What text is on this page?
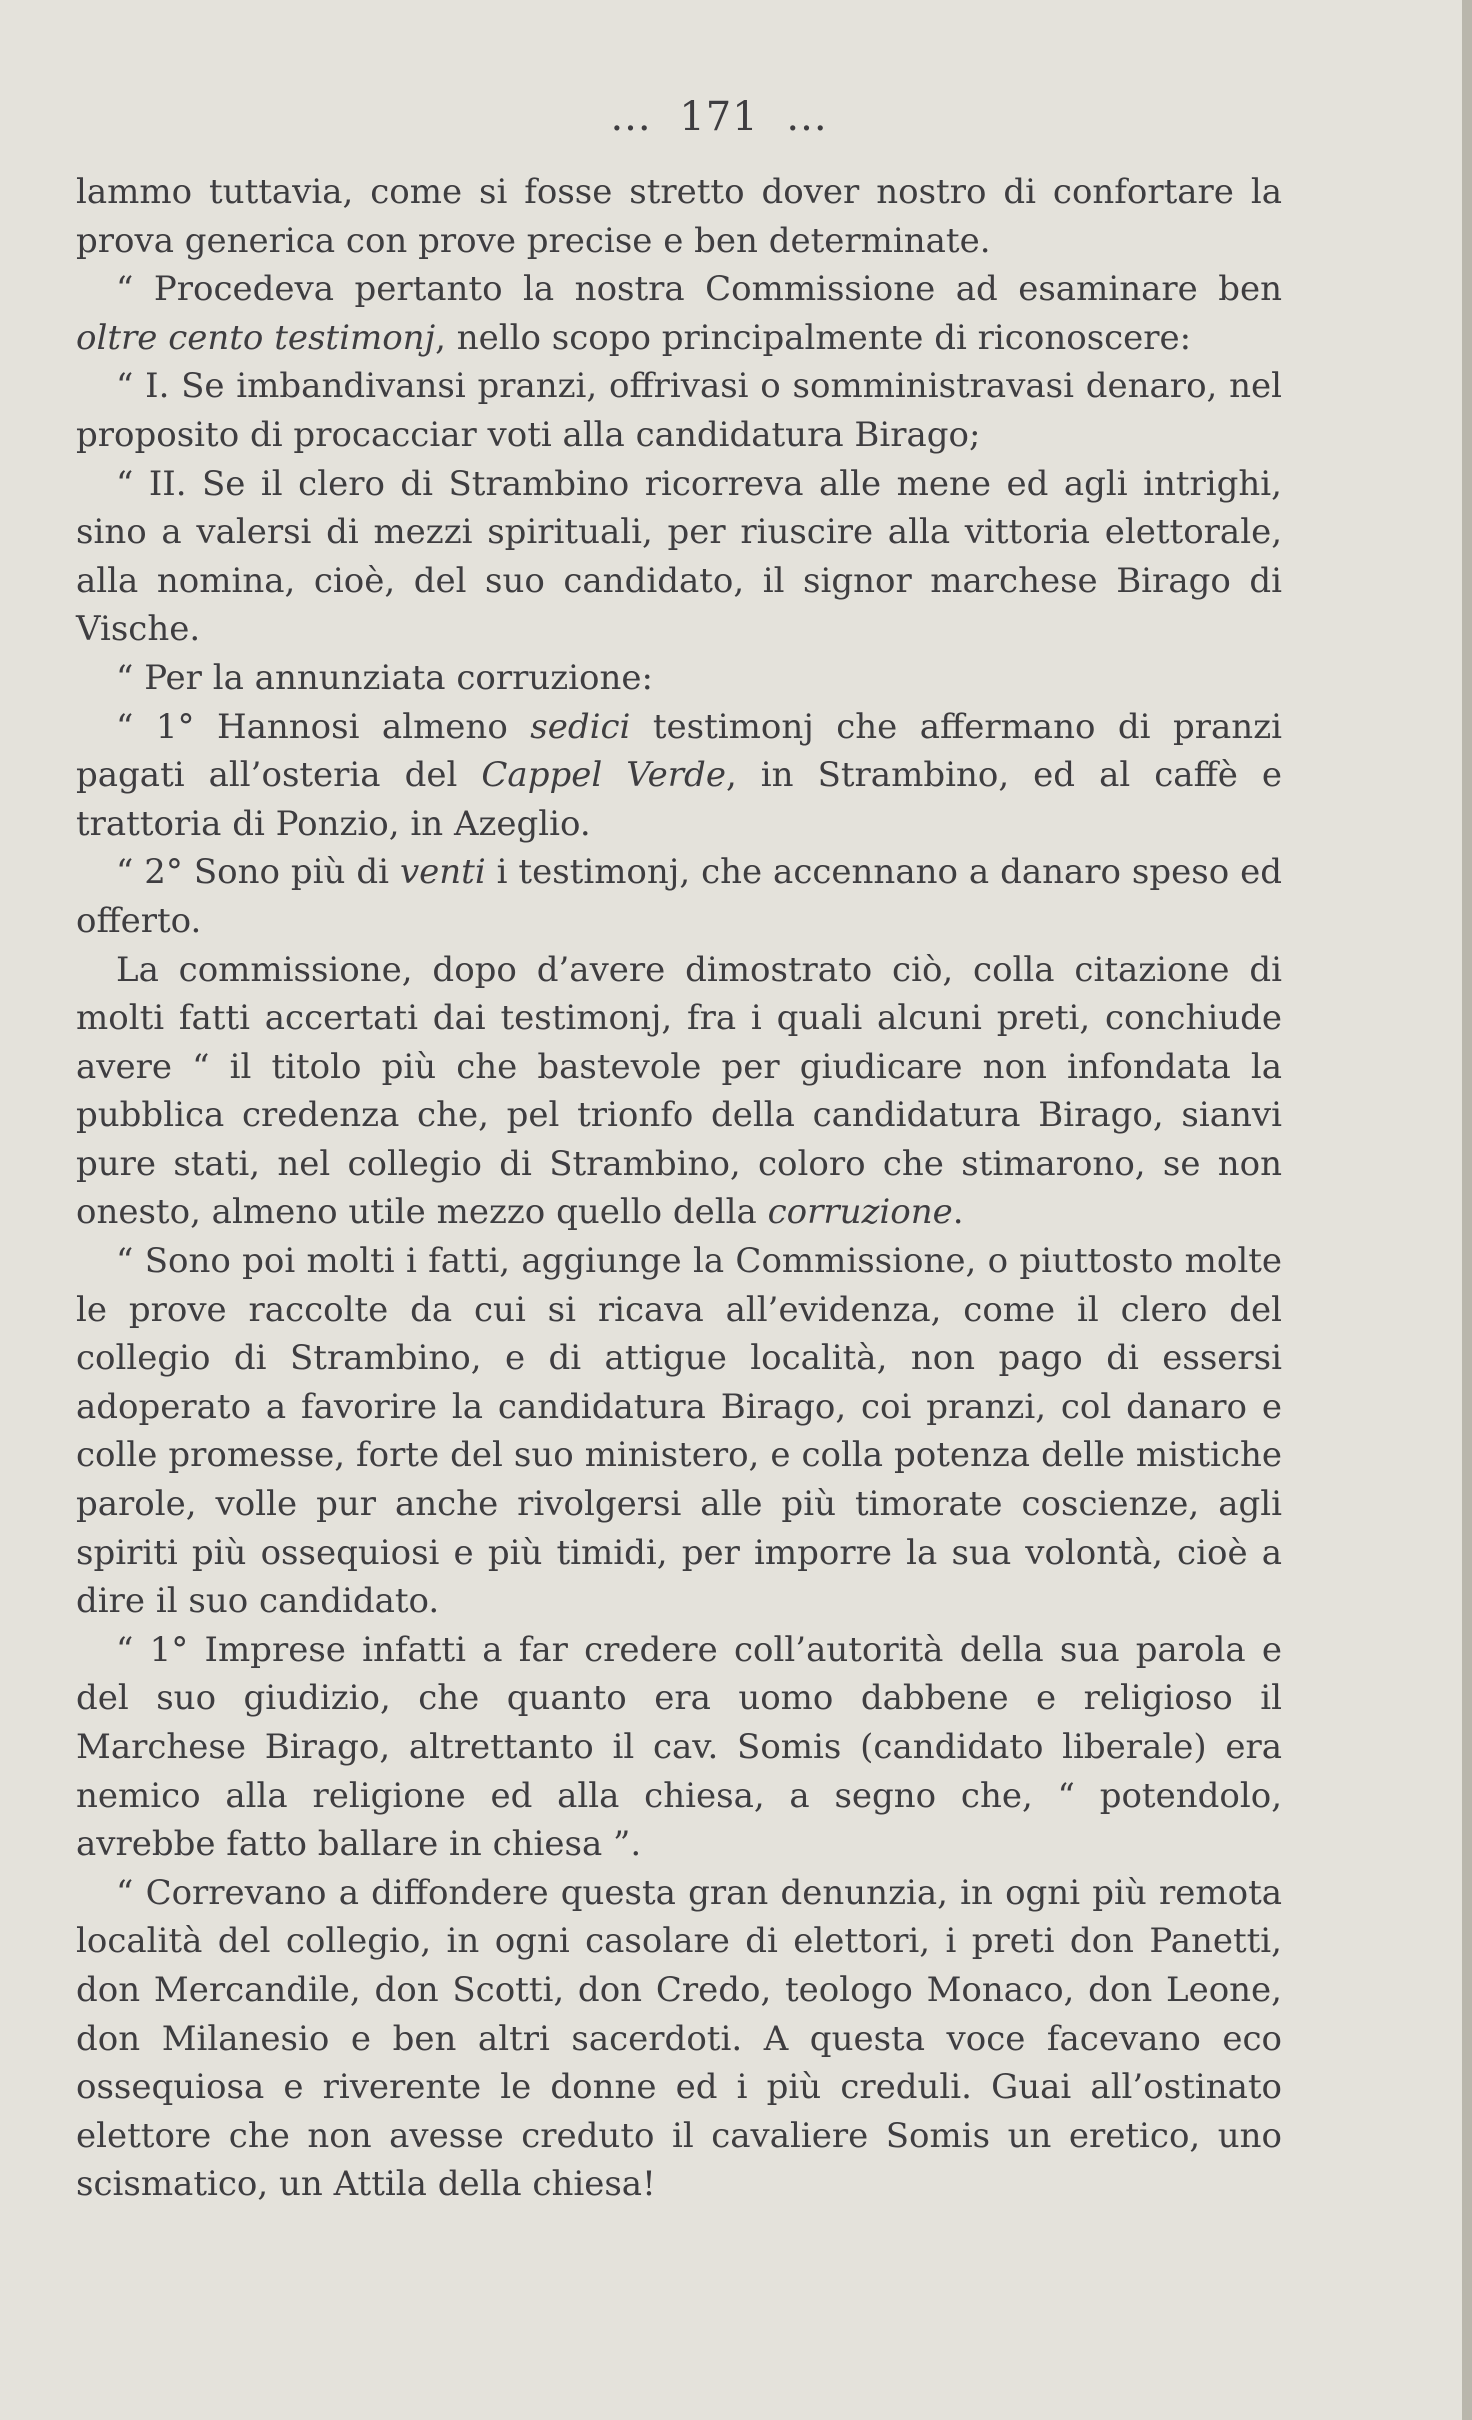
... 171 ...

lammo tuttavia, come si fosse stretto dover nostro di confortare la prova generica con prove precise e ben determinate.

“ Procedeva pertanto la nostra Commissione ad esaminare ben oltre cento testimonj, nello scopo principalmente di riconoscere:

“ I. Se imbandivansi pranzi, offrivasi o somministravasi denaro, nel proposito di procacciar voti alla candidatura Birago;

“ II. Se il clero di Strambino ricorreva alle mene ed agli intrighi, sino a valersi di mezzi spirituali, per riuscire alla vittoria elettorale, alla nomina, cioè, del suo candidato, il signor marchese Birago di Vische.

“ Per la annunziata corruzione:

“ 1° Hannosi almeno sedici testimonj che affermano di pranzi pagati all’osteria del Cappel Verde, in Strambino, ed al caffè e trattoria di Ponzio, in Azeglio.

“ 2° Sono più di venti i testimonj, che accennano a danaro speso ed offerto.

La commissione, dopo d’avere dimostrato ciò, colla citazione di molti fatti accertati dai testimonj, fra i quali alcuni preti, conchiude avere “ il titolo più che bastevole per giudicare non infondata la pubblica credenza che, pel trionfo della candidatura Birago, sianvi pure stati, nel collegio di Strambino, coloro che stimarono, se non onesto, almeno utile mezzo quello della corruzione.

“ Sono poi molti i fatti, aggiunge la Commissione, o piuttosto molte le prove raccolte da cui si ricava all’evidenza, come il clero del collegio di Strambino, e di attigue località, non pago di essersi adoperato a favorire la candidatura Birago, coi pranzi, col danaro e colle promesse, forte del suo ministero, e colla potenza delle mistiche parole, volle pur anche rivolgersi alle più timorate coscienze, agli spiriti più ossequiosi e più timidi, per imporre la sua volontà, cioè a dire il suo candidato.

“ 1° Imprese infatti a far credere coll’autorità della sua parola e del suo giudizio, che quanto era uomo dabbene e religioso il Marchese Birago, altrettanto il cav. Somis (candidato liberale) era nemico alla religione ed alla chiesa, a segno che, “ potendolo, avrebbe fatto ballare in chiesa ”.

“ Correvano a diffondere questa gran denunzia, in ogni più remota località del collegio, in ogni casolare di elettori, i preti don Panetti, don Mercandile, don Scotti, don Credo, teologo Monaco, don Leone, don Milanesio e ben altri sacerdoti. A questa voce facevano eco ossequiosa e riverente le donne ed i più creduli. Guai all’ostinato elettore che non avesse creduto il cavaliere Somis un eretico, uno scismatico, un Attila della chiesa!
